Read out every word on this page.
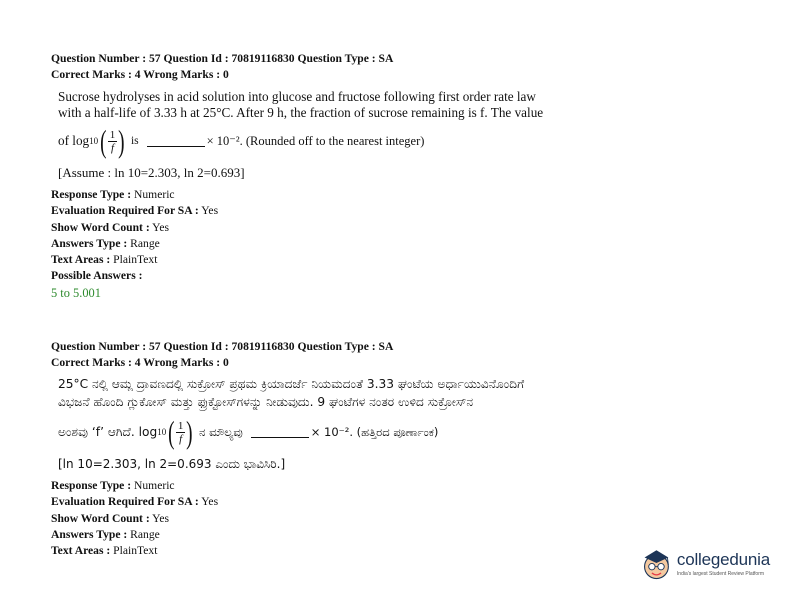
Question Number : 57 Question Id : 70819116830 Question Type : SA
Correct Marks : 4 Wrong Marks : 0
Sucrose hydrolyses in acid solution into glucose and fructose following first order rate law
with a half-life of 3.33 h at 25°C. After 9 h, the fraction of sucrose remaining is f. The value
of log 10 ( $\frac{1}{f}$ ) is	× 10⁻². (Rounded off to the nearest integer)
[Assume : ln 10=2.303, ln 2=0.693]
Response Type : Numeric
Evaluation Required For SA : Yes
Show Word Count : Yes
Answers Type : Range
Text Areas : PlainText
Possible Answers :
5 to 5.001
Question Number : 57 Question Id : 70819116830 Question Type : SA
Correct Marks : 4 Wrong Marks : 0
25°C ನಲ್ಲಿ ಆಮ್ಲ ದ್ರಾವಣದಲ್ಲಿ ಸುಕ್ರೋಸ್ ಪ್ರಥಮ ಕ್ರಿಯಾದರ್ಜೆ ನಿಯಮದಂತೆ 3.33 ಘಂಟೆಯ ಅರ್ಧಾಯುವಿನೊಂದಿಗೆ
ವಿಭಜನೆ ಹೊಂದಿ ಗ್ಲುಕೋಸ್ ಮತ್ತು ಫ್ರುಕ್ಟೋಸ್‌ಗಳನ್ನು ನೀಡುವುದು. 9 ಘಂಟೆಗಳ ನಂತರ ಉಳಿದ ಸುಕ್ರೋಸ್‌ನ
ಅಂಶವು ‘f’ ಆಗಿದೆ. log 10 ( $\frac{1}{f}$ ) ನ ಮೌಲ್ಯವು	× 10⁻². (ಹತ್ತಿರದ ಪೂರ್ಣಾಂಕ)
[ln 10=2.303, ln 2=0.693 ಎಂದು ಭಾವಿಸಿರಿ.]
Response Type : Numeric
Evaluation Required For SA : Yes
Show Word Count : Yes
Answers Type : Range
Text Areas : PlainText	collegedunia
India's largest Student Review Platform
